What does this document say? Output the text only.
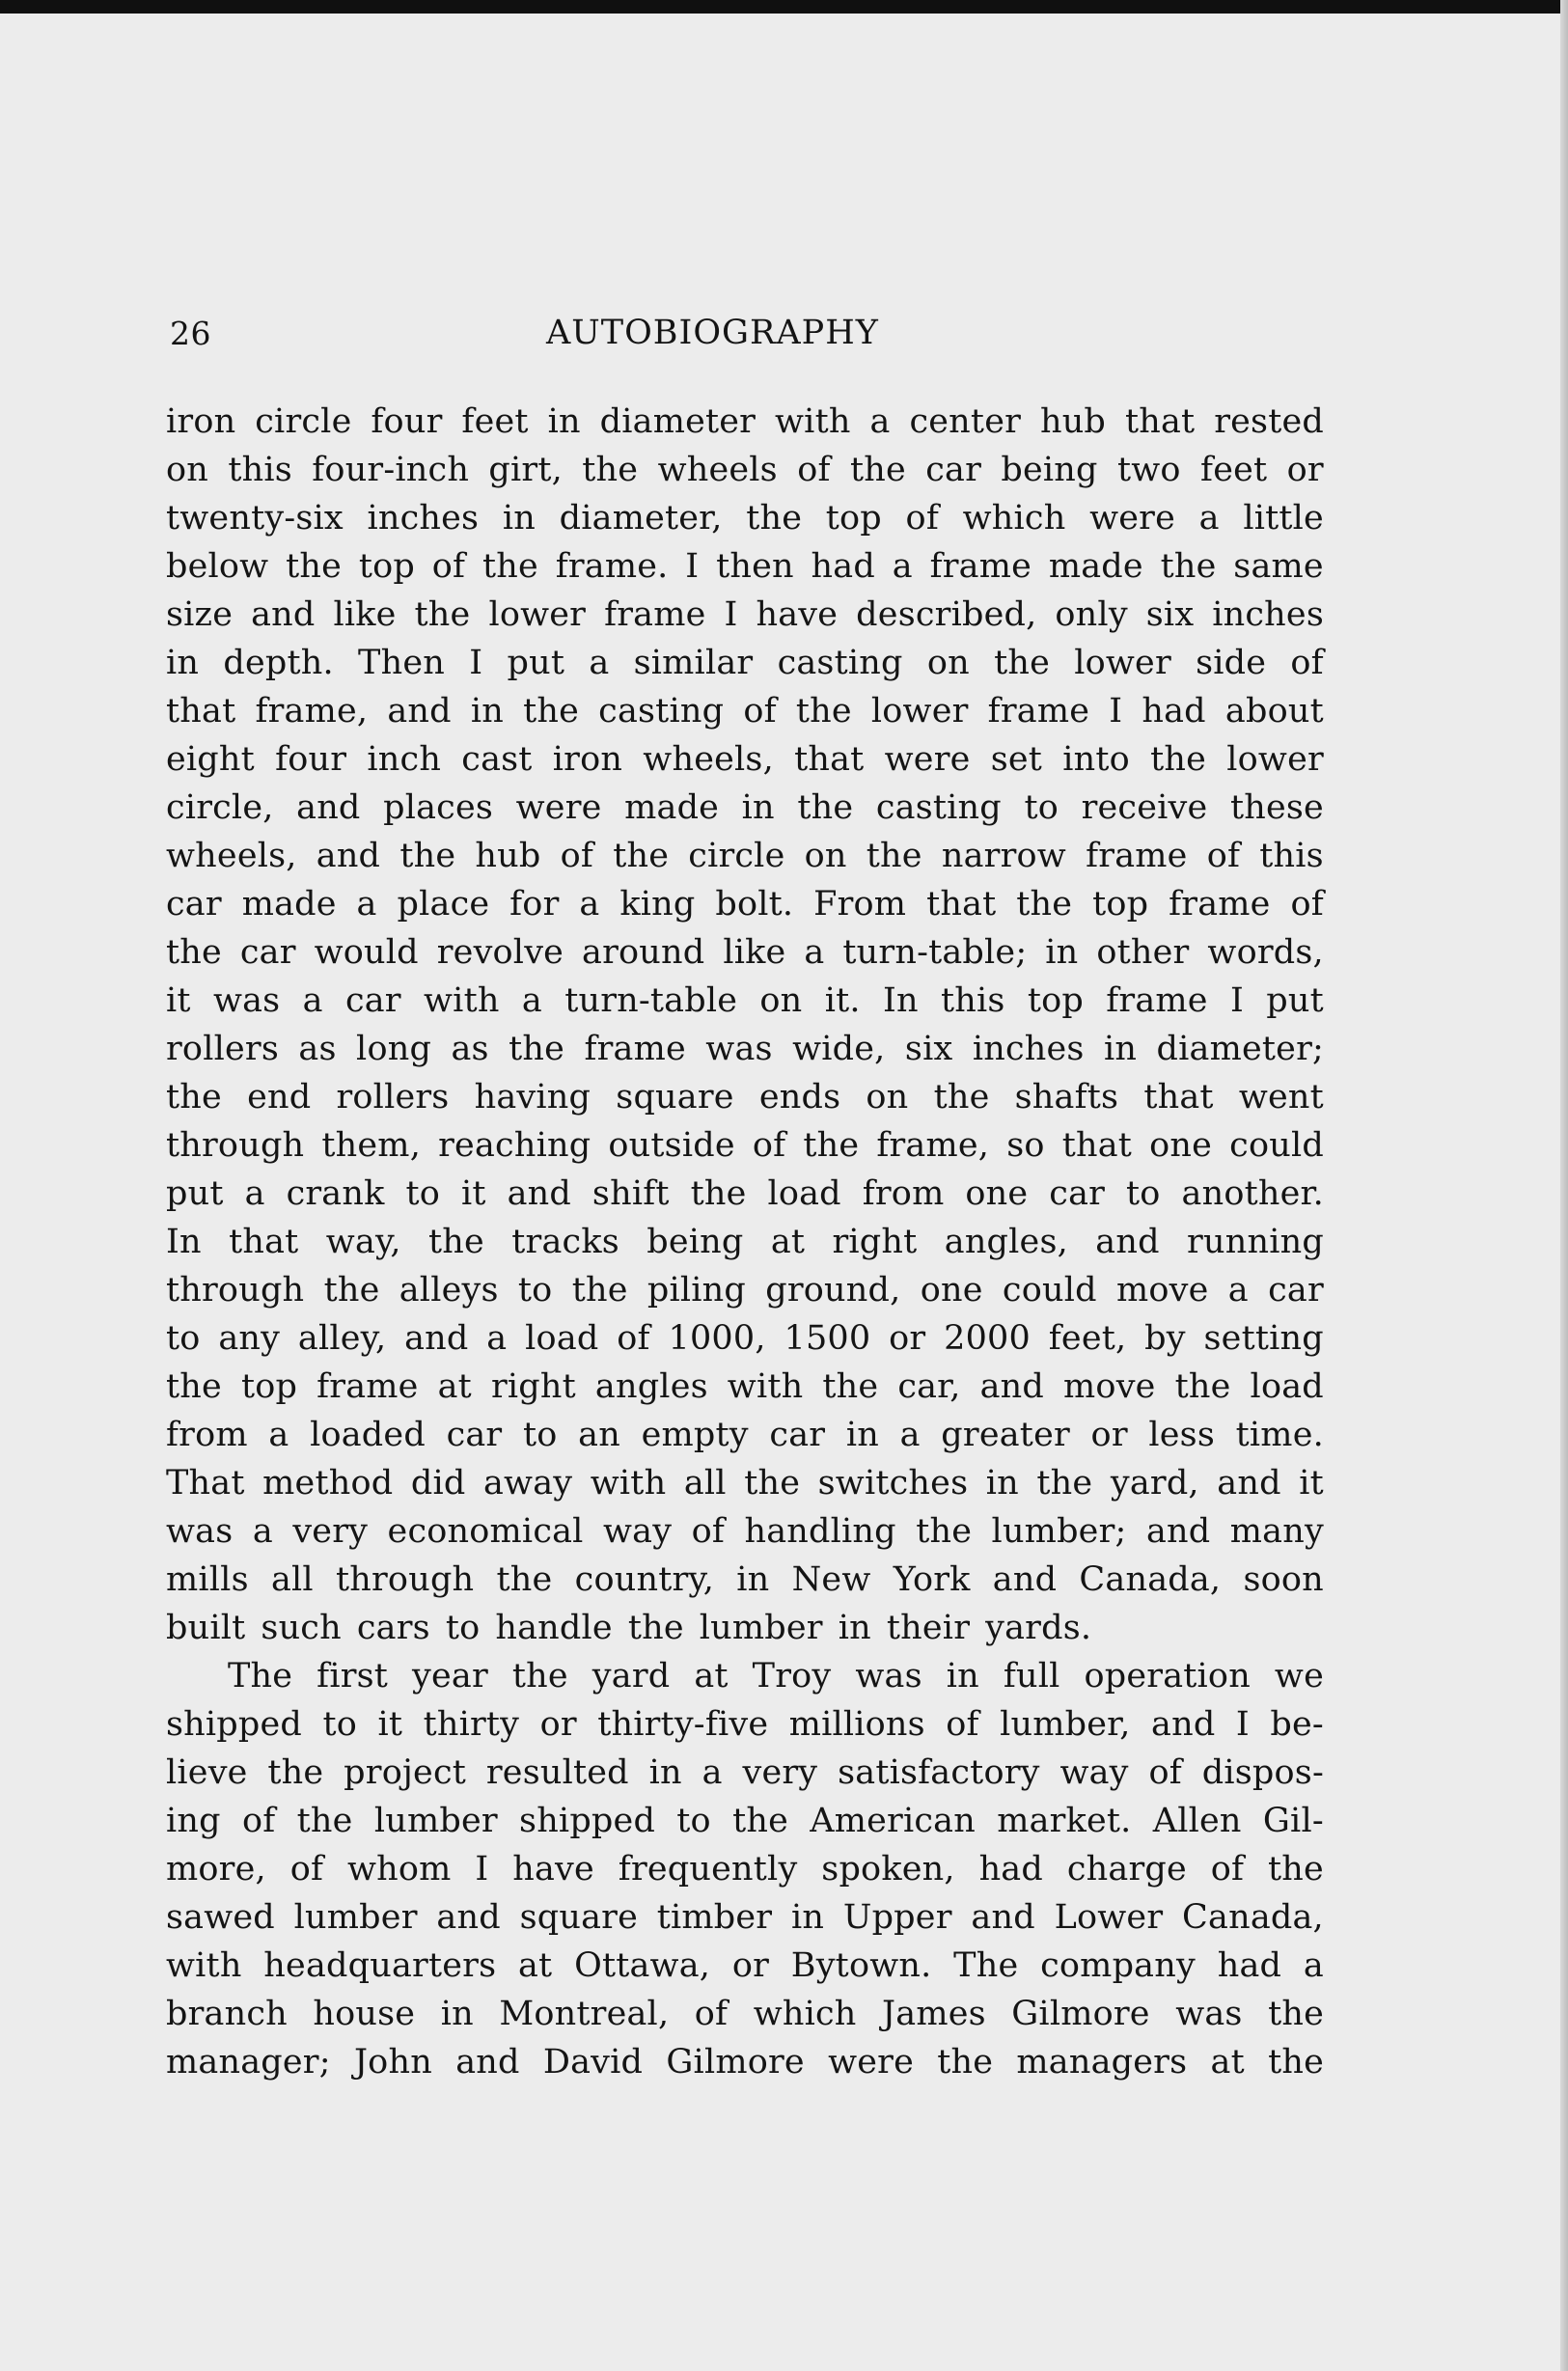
26	AUTOBIOGRAPHY
iron circle four feet in diameter with a center hub that rested
on this four-inch girt, the wheels of the car being two feet or
twenty-six inches in diameter, the top of which were a little
below the top of the frame. I then had a frame made the same
size and like the lower frame I have described, only six inches
in depth. Then I put a similar casting on the lower side of
that frame, and in the casting of the lower frame I had about
eight four inch cast iron wheels, that were set into the lower
circle, and places were made in the casting to receive these
wheels, and the hub of the circle on the narrow frame of this
car made a place for a king bolt. From that the top frame of
the car would revolve around like a turn-table; in other words,
it was a car with a turn-table on it. In this top frame I put
rollers as long as the frame was wide, six inches in diameter;
the end rollers having square ends on the shafts that went
through them, reaching outside of the frame, so that one could
put a crank to it and shift the load from one car to another.
In that way, the tracks being at right angles, and running
through the alleys to the piling ground, one could move a car
to any alley, and a load of 1000, 1500 or 2000 feet, by setting
the top frame at right angles with the car, and move the load
from a loaded car to an empty car in a greater or less time.
That method did away with all the switches in the yard, and it
was a very economical way of handling the lumber; and many
mills all through the country, in New York and Canada, soon
built such cars to handle the lumber in their yards.
The first year the yard at Troy was in full operation we
shipped to it thirty or thirty-five millions of lumber, and I be-
lieve the project resulted in a very satisfactory way of dispos-
ing of the lumber shipped to the American market. Allen Gil-
more, of whom I have frequently spoken, had charge of the
sawed lumber and square timber in Upper and Lower Canada,
with headquarters at Ottawa, or Bytown. The company had a
branch house in Montreal, of which James Gilmore was the
manager; John and David Gilmore were the managers at the
